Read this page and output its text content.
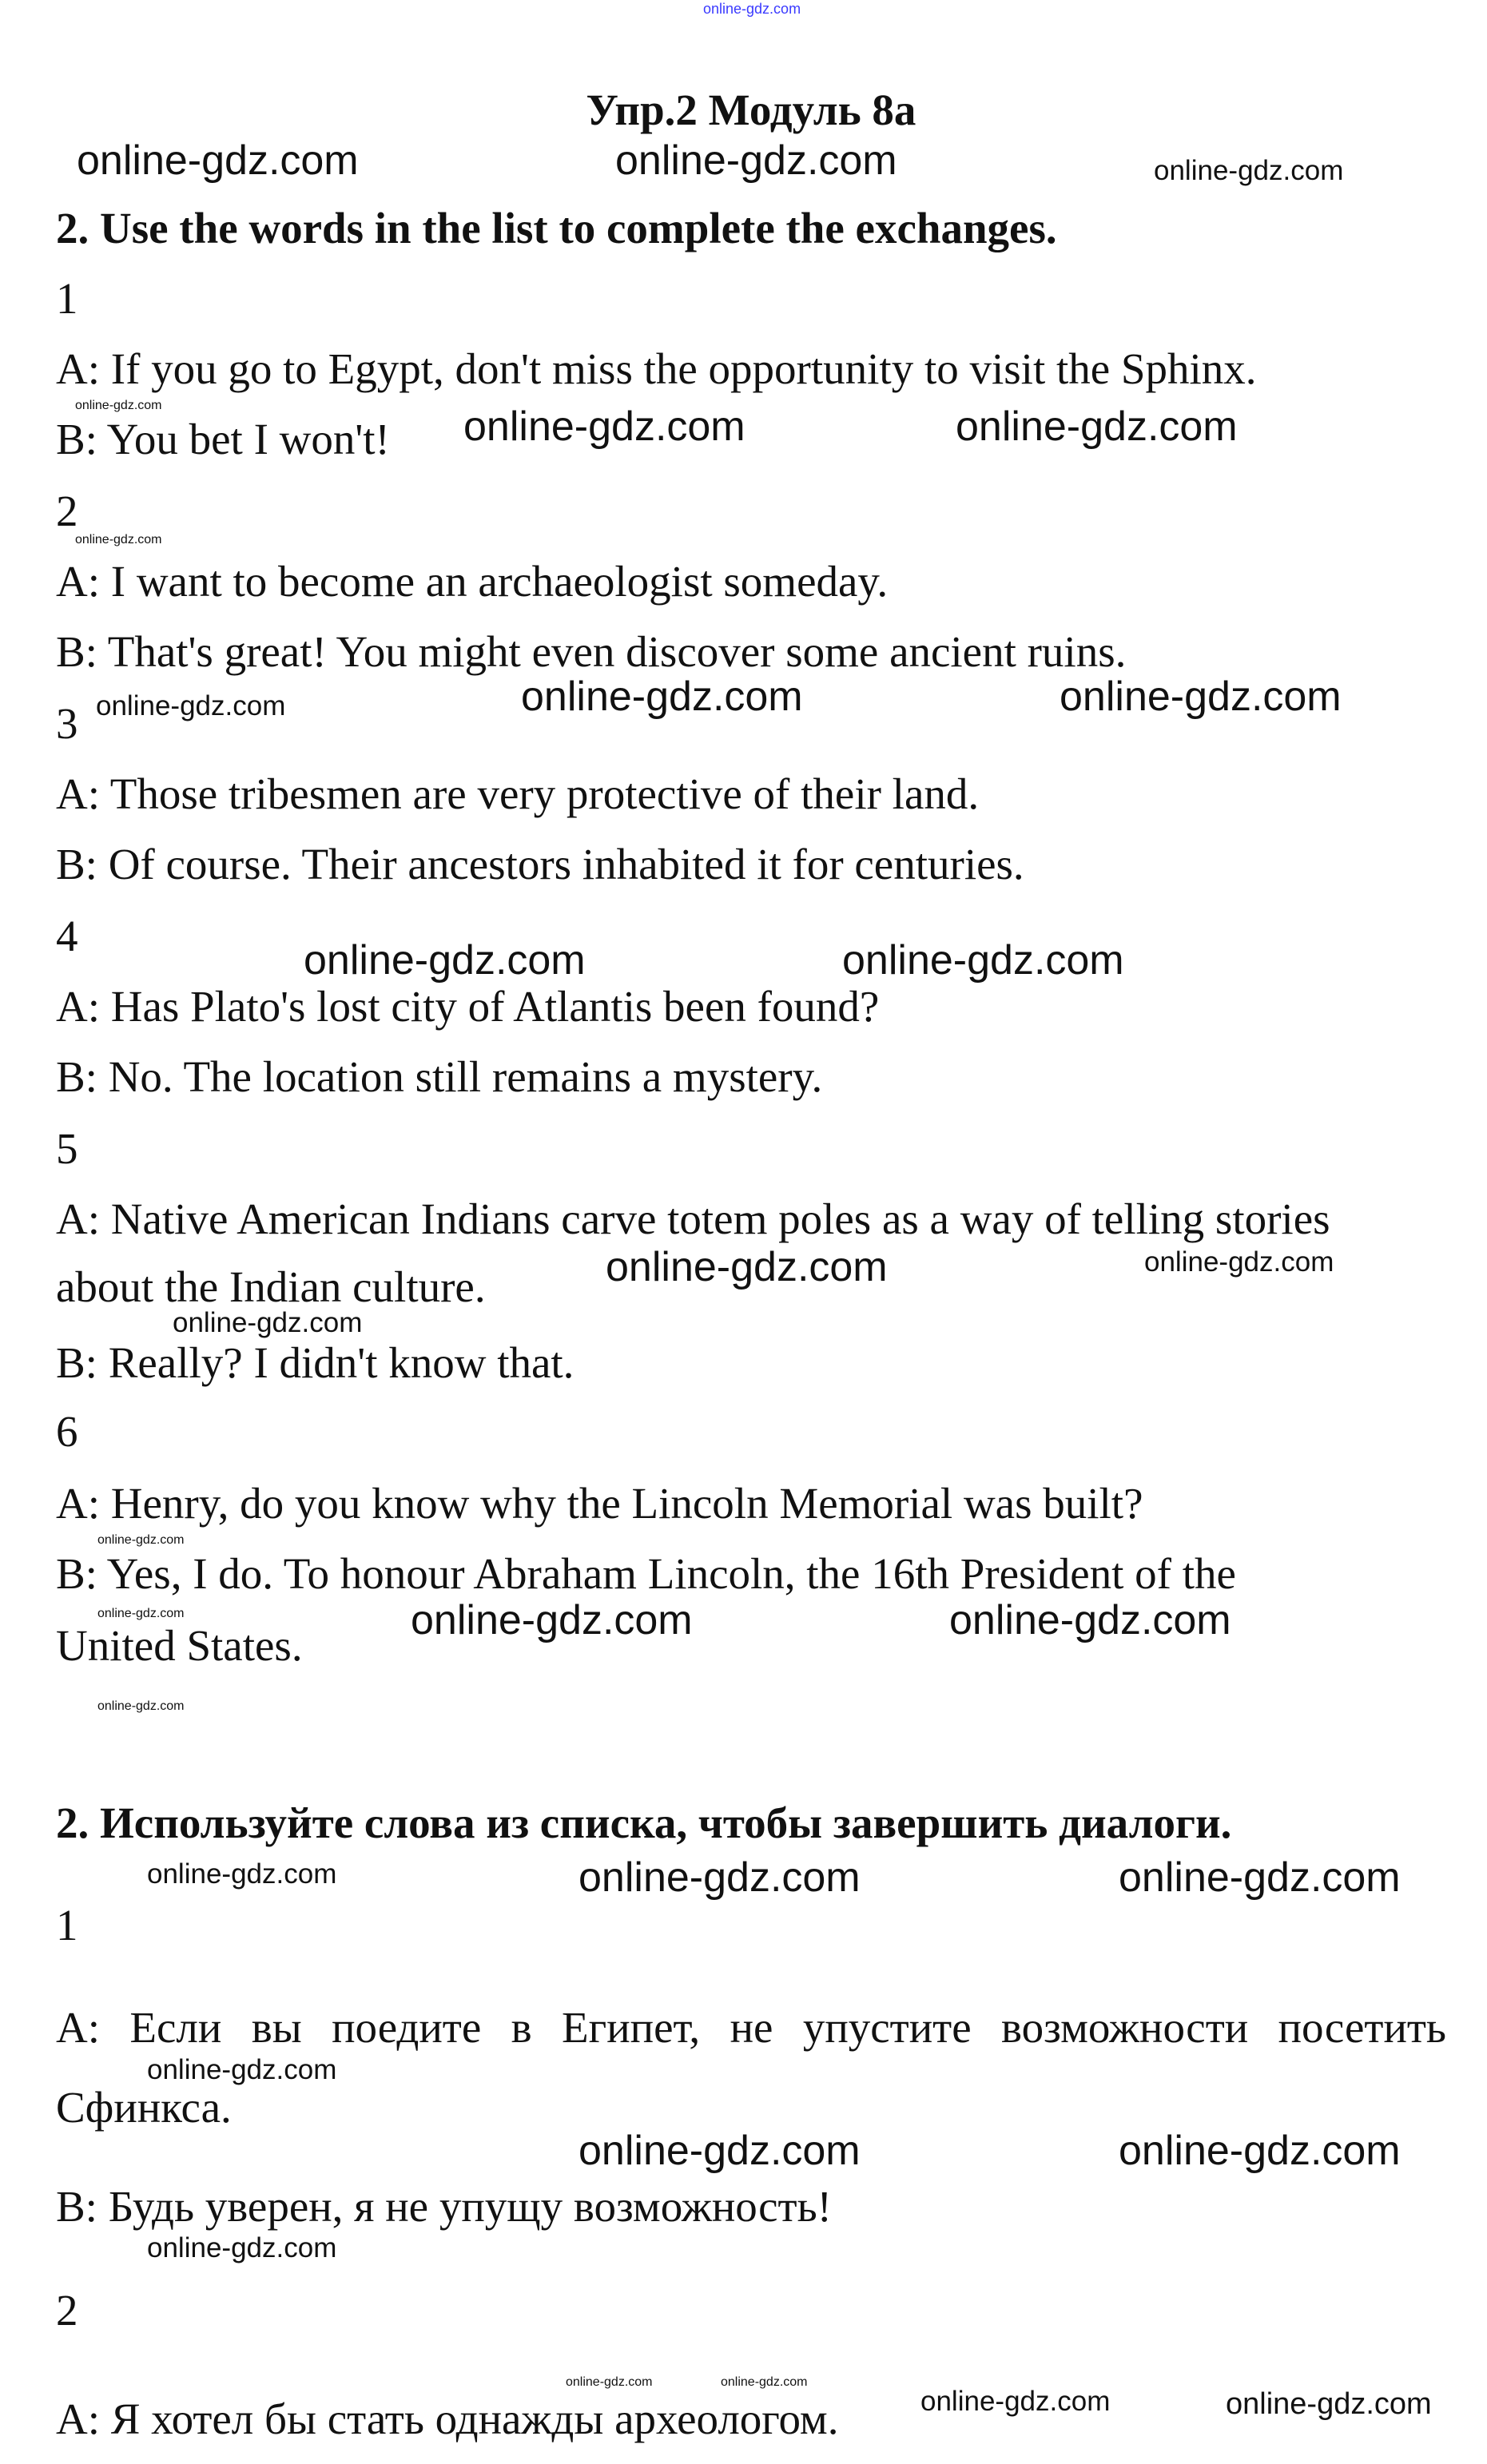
online-gdz.com
online-gdz.com	online-gdz.com	online-gdz.com
online-gdz.com	online-gdz.com	online-gdz.com
online-gdz.com
online-gdz.com	online-gdz.com	online-gdz.com
online-gdz.com	online-gdz.com
online-gdz.com	online-gdz.com
online-gdz.com
online-gdz.com
online-gdz.com	online-gdz.com	online-gdz.com
online-gdz.com
online-gdz.com	online-gdz.com	online-gdz.com
online-gdz.com
online-gdz.com	online-gdz.com
online-gdz.com
online-gdz.com	online-gdz.com
online-gdz.com	online-gdz.com
Упр.2 Модуль 8а
2. Use the words in the list to complete the exchanges.
1
A: If you go to Egypt, don't miss the opportunity to visit the Sphinx.
B: You bet I won't!
2
A: I want to become an archaeologist someday.
B: That's great! You might even discover some ancient ruins.
3
A: Those tribesmen are very protective of their land.
B: Of course. Their ancestors inhabited it for centuries.
4
A: Has Plato's lost city of Atlantis been found?
B: No. The location still remains a mystery.
5
A: Native American Indians carve totem poles as a way of telling stories
about the Indian culture.
B: Really? I didn't know that.
6
A: Henry, do you know why the Lincoln Memorial was built?
B: Yes, I do. To honour Abraham Lincoln, the 16th President of the
United States.
2. Используйте слова из списка, чтобы завершить диалоги.
1
A: Если вы поедите в Египет, не упустите возможности посетить
Сфинкса.
B: Будь уверен, я не упущу возможность!
2
A: Я хотел бы стать однажды археологом.
